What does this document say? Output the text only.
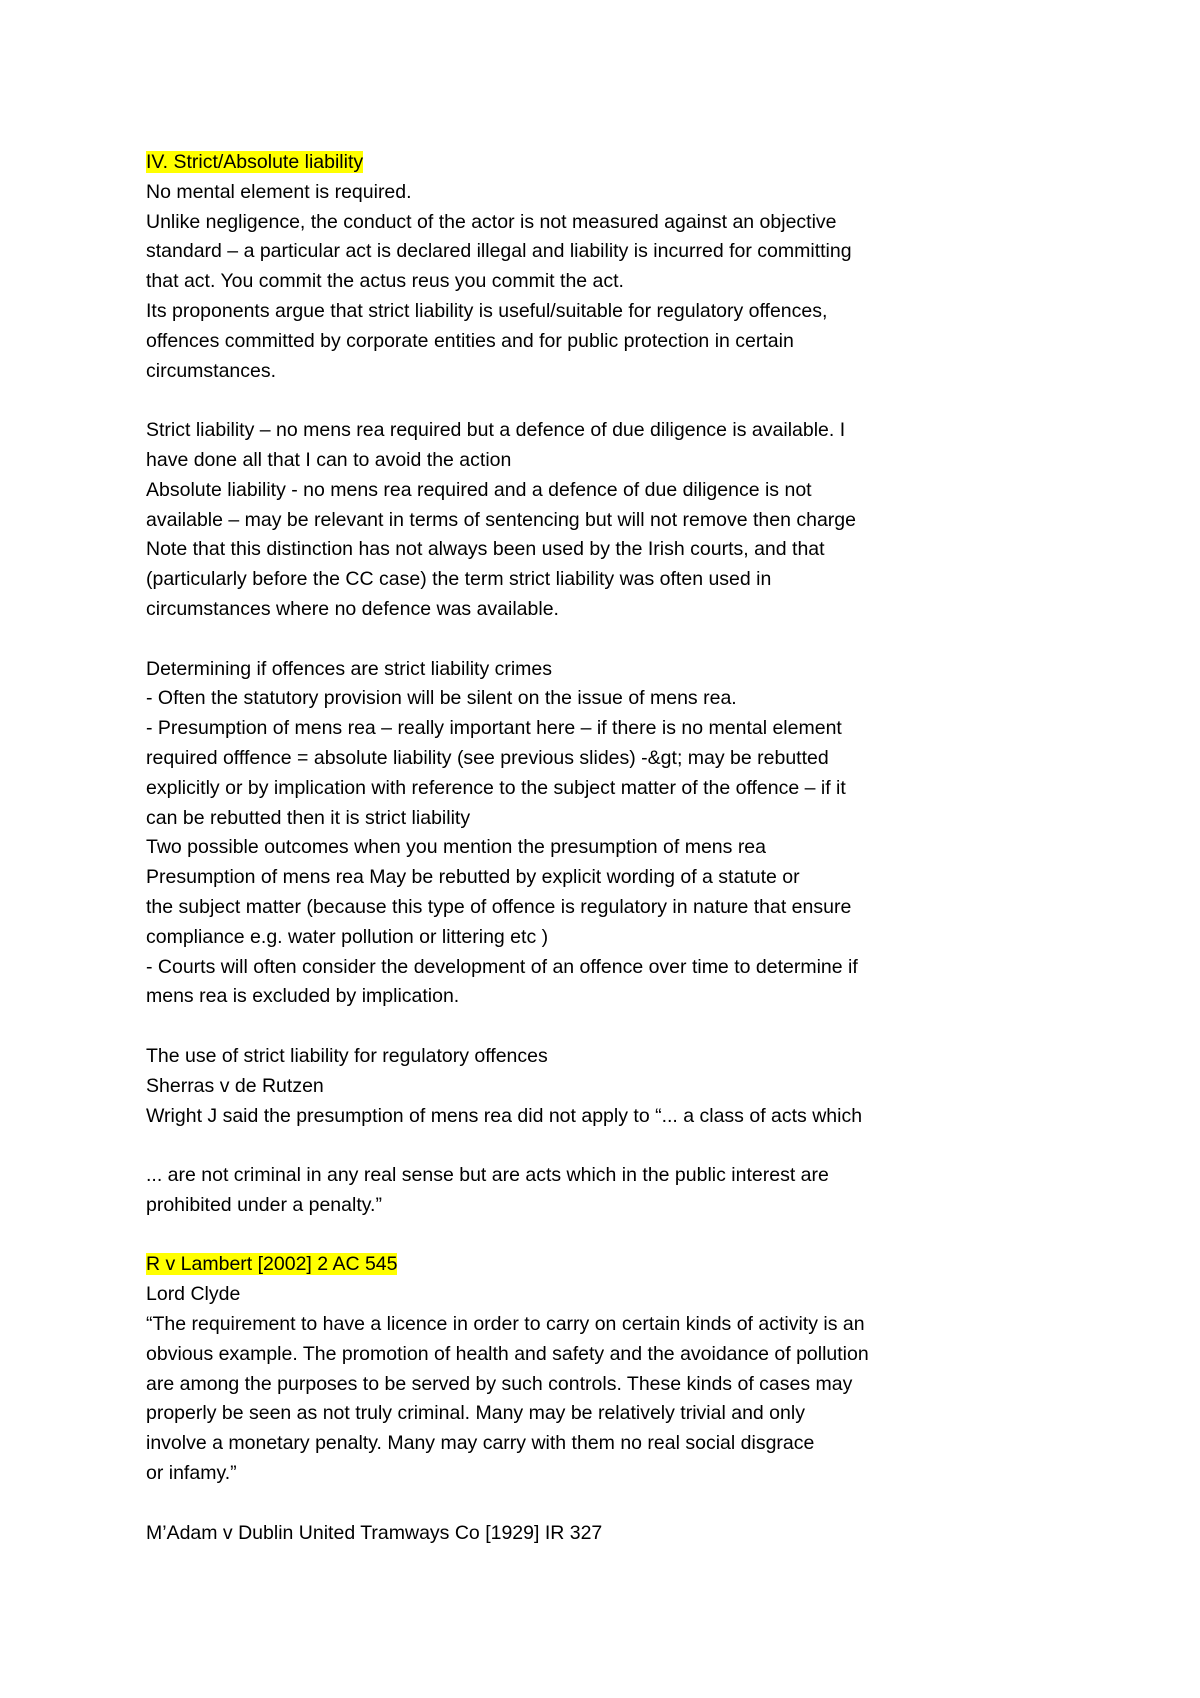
IV. Strict/Absolute liability
No mental element is required.
Unlike negligence, the conduct of the actor is not measured against an objective
standard – a particular act is declared illegal and liability is incurred for committing
that act. You commit the actus reus you commit the act.
Its proponents argue that strict liability is useful/suitable for regulatory offences,
offences committed by corporate entities and for public protection in certain
circumstances.
Strict liability – no mens rea required but a defence of due diligence is available. I
have done all that I can to avoid the action
Absolute liability - no mens rea required and a defence of due diligence is not
available – may be relevant in terms of sentencing but will not remove then charge
Note that this distinction has not always been used by the Irish courts, and that
(particularly before the CC case) the term strict liability was often used in
circumstances where no defence was available.
Determining if offences are strict liability crimes
- Often the statutory provision will be silent on the issue of mens rea.
- Presumption of mens rea – really important here – if there is no mental element
required offfence = absolute liability (see previous slides) -&gt; may be rebutted
explicitly or by implication with reference to the subject matter of the offence – if it
can be rebutted then it is strict liability
Two possible outcomes when you mention the presumption of mens rea
Presumption of mens rea May be rebutted by explicit wording of a statute or
the subject matter (because this type of offence is regulatory in nature that ensure
compliance e.g. water pollution or littering etc )
- Courts will often consider the development of an offence over time to determine if
mens rea is excluded by implication.
The use of strict liability for regulatory offences
Sherras v de Rutzen
Wright J said the presumption of mens rea did not apply to “... a class of acts which
... are not criminal in any real sense but are acts which in the public interest are
prohibited under a penalty.”
R v Lambert [2002] 2 AC 545
Lord Clyde
“The requirement to have a licence in order to carry on certain kinds of activity is an
obvious example. The promotion of health and safety and the avoidance of pollution
are among the purposes to be served by such controls. These kinds of cases may
properly be seen as not truly criminal. Many may be relatively trivial and only
involve a monetary penalty. Many may carry with them no real social disgrace
or infamy.”
M’Adam v Dublin United Tramways Co [1929] IR 327
